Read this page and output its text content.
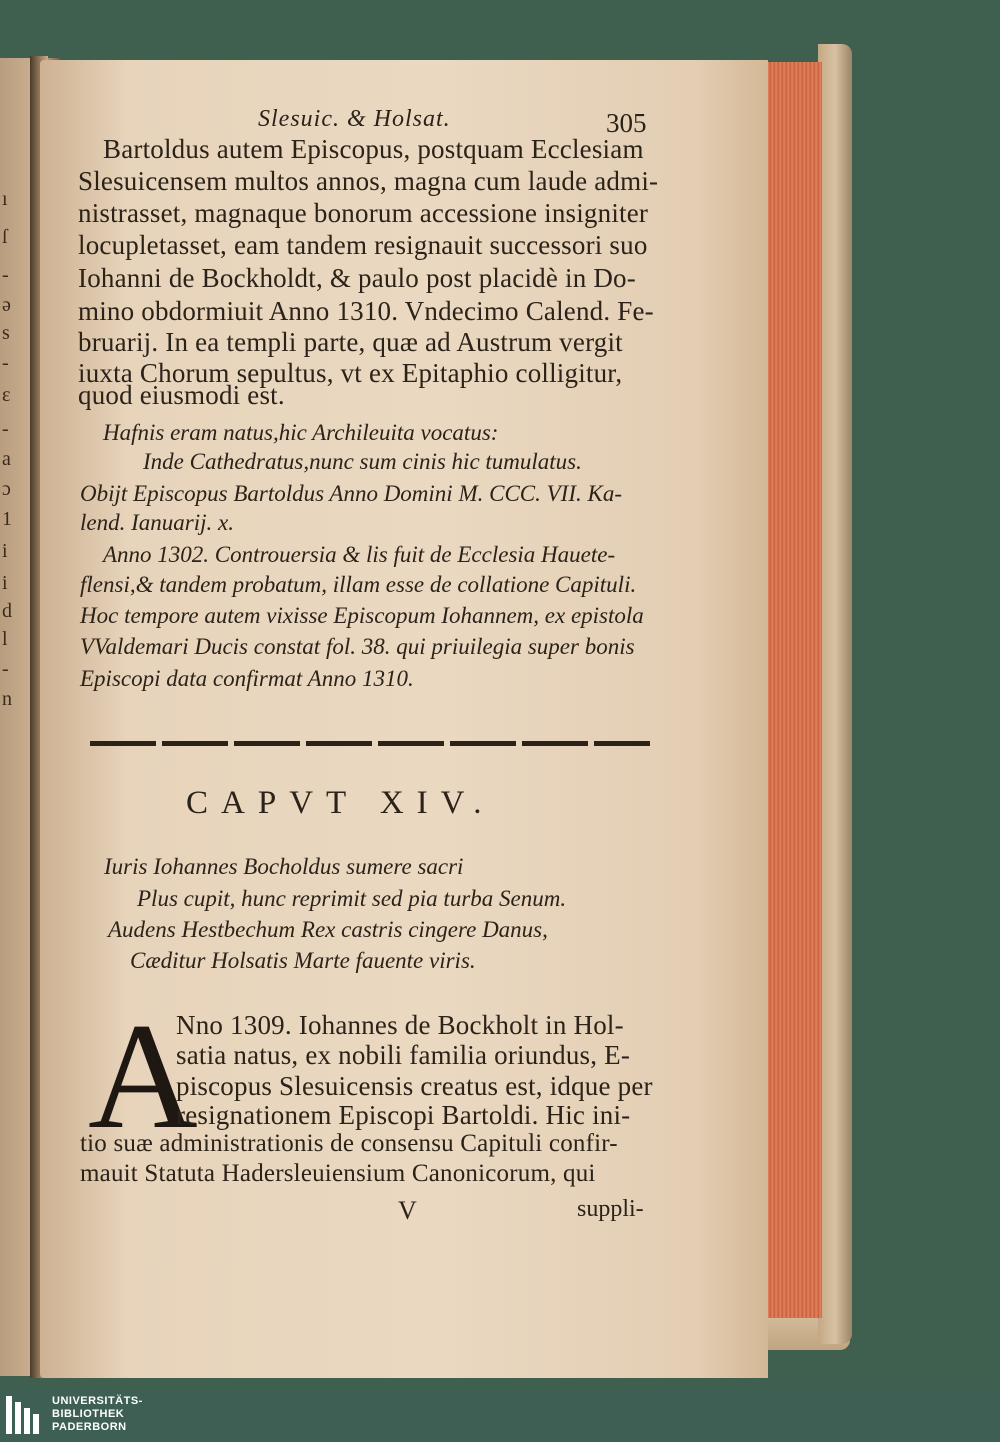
ı
ſ
-
ǝ
s
-
ɛ
-
a
ɔ
1
i
i
d
l
-
n
Slesuic. & Holsat.	305
Bartoldus autem Episcopus, postquam Ecclesiam
Slesuicensem multos annos, magna cum laude admi-
nistrasset, magnaque bonorum accessione insigniter
locupletasset, eam tandem resignauit successori suo
Iohanni de Bockholdt, & paulo post placidè in Do-
mino obdormiuit Anno 1310. Vndecimo Calend. Fe-
bruarij. In ea templi parte, quæ ad Austrum vergit
iuxta Chorum sepultus, vt ex Epitaphio colligitur,
quod eiusmodi est.
Hafnis eram natus,hic Archileuita vocatus:
Inde Cathedratus,nunc sum cinis hic tumulatus.
Obijt Episcopus Bartoldus Anno Domini M. CCC. VII. Ka-
lend. Ianuarij. x.
Anno 1302. Controuersia & lis fuit de Ecclesia Hauete-
flensi,& tandem probatum, illam esse de collatione Capituli.
Hoc tempore autem vixisse Episcopum Iohannem, ex epistola
VValdemari Ducis constat fol. 38. qui priuilegia super bonis
Episcopi data confirmat Anno 1310.
CAPVT XIV.
Iuris Iohannes Bocholdus sumere sacri
Plus cupit, hunc reprimit sed pia turba Senum.
Audens Hestbechum Rex castris cingere Danus,
Cæditur Holsatis Marte fauente viris.
A
Nno 1309. Iohannes de Bockholt in Hol-
satia natus, ex nobili familia oriundus, E-
piscopus Slesuicensis creatus est, idque per
resignationem Episcopi Bartoldi. Hic ini-
tio suæ administrationis de consensu Capituli confir-
mauit Statuta Hadersleuiensium Canonicorum, qui
V	suppli-
UNIVERSITÄTS-
BIBLIOTHEK
PADERBORN
